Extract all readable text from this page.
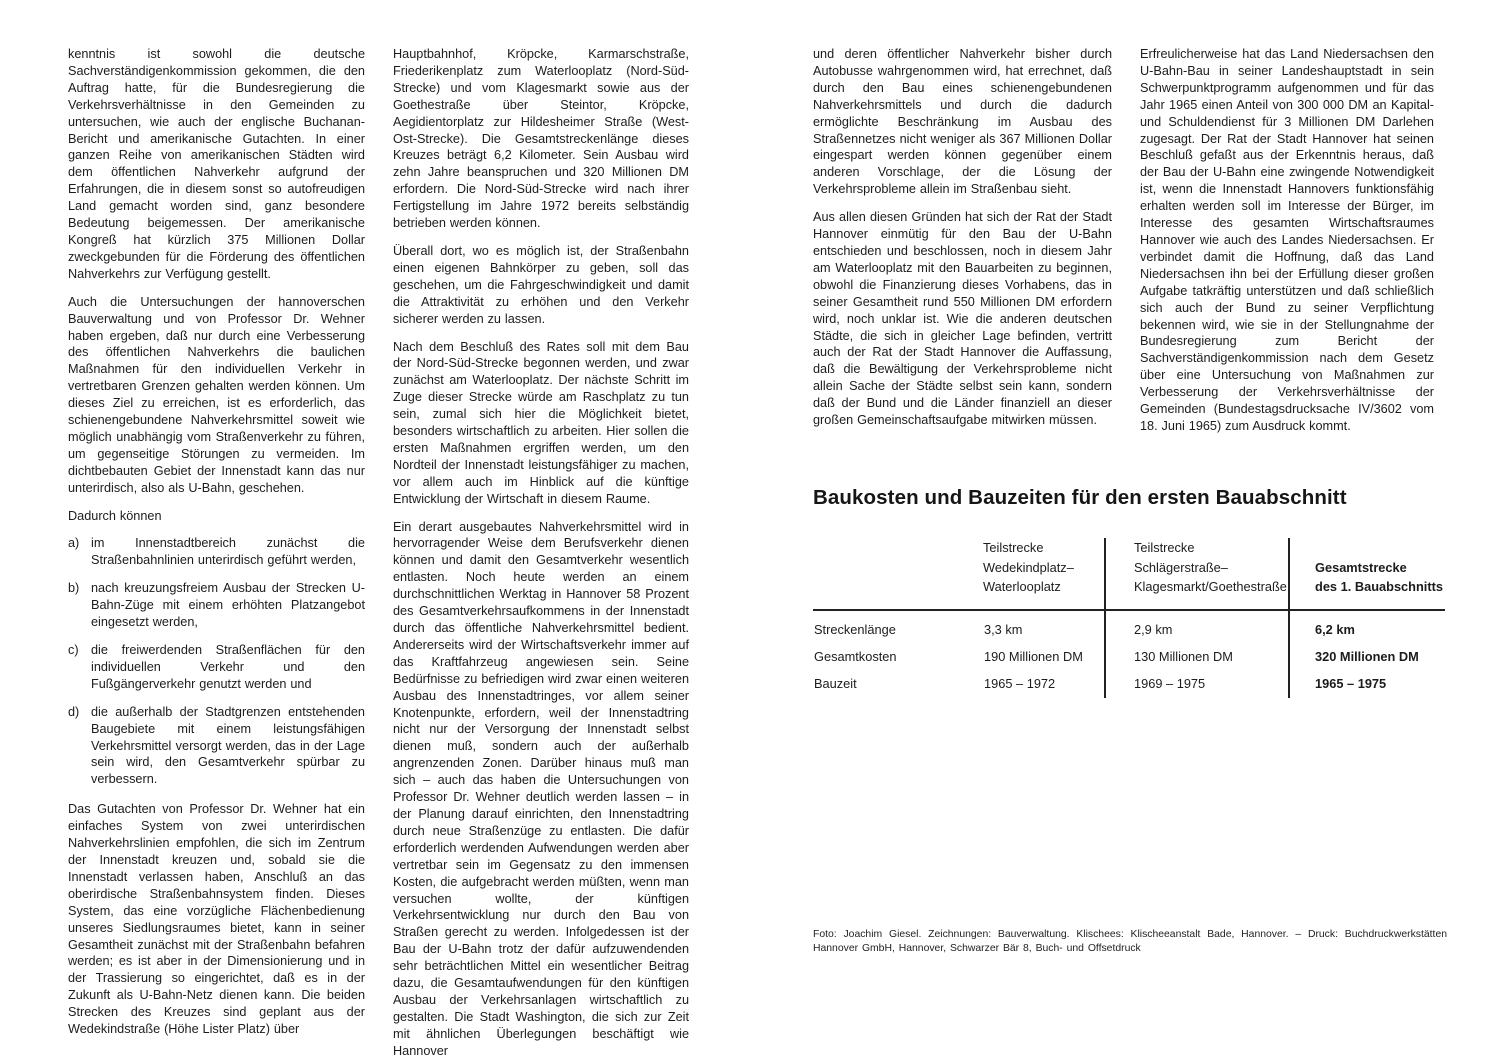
kenntnis ist sowohl die deutsche Sachverständigenkommission gekommen, die den Auftrag hatte, für die Bundesregierung die Verkehrsverhältnisse in den Gemeinden zu untersuchen, wie auch der englische Buchanan-Bericht und amerikanische Gutachten. In einer ganzen Reihe von amerikanischen Städten wird dem öffentlichen Nahverkehr aufgrund der Erfahrungen, die in diesem sonst so autofreudigen Land gemacht worden sind, ganz besondere Bedeutung beigemessen. Der amerikanische Kongreß hat kürzlich 375 Millionen Dollar zweckgebunden für die Förderung des öffentlichen Nahverkehrs zur Verfügung gestellt.

Auch die Untersuchungen der hannoverschen Bauverwaltung und von Professor Dr. Wehner haben ergeben, daß nur durch eine Verbesserung des öffentlichen Nahverkehrs die baulichen Maßnahmen für den individuellen Verkehr in vertretbaren Grenzen gehalten werden können. Um dieses Ziel zu erreichen, ist es erforderlich, das schienengebundene Nahverkehrsmittel soweit wie möglich unabhängig vom Straßenverkehr zu führen, um gegenseitige Störungen zu vermeiden. Im dichtbebauten Gebiet der Innenstadt kann das nur unterirdisch, also als U-Bahn, geschehen.

Dadurch können

a) im Innenstadtbereich zunächst die Straßenbahnlinien unterirdisch geführt werden,
b) nach kreuzungsfreiem Ausbau der Strecken U-Bahn-Züge mit einem erhöhten Platzangebot eingesetzt werden,
c) die freiwerdenden Straßenflächen für den individuellen Verkehr und den Fußgängerverkehr genutzt werden und
d) die außerhalb der Stadtgrenzen entstehenden Baugebiete mit einem leistungsfähigen Verkehrsmittel versorgt werden, das in der Lage sein wird, den Gesamtverkehr spürbar zu verbessern.

Das Gutachten von Professor Dr. Wehner hat ein einfaches System von zwei unterirdischen Nahverkehrslinien empfohlen, die sich im Zentrum der Innenstadt kreuzen und, sobald sie die Innenstadt verlassen haben, Anschluß an das oberirdische Straßenbahnsystem finden. Dieses System, das eine vorzügliche Flächenbedienung unseres Siedlungsraumes bietet, kann in seiner Gesamtheit zunächst mit der Straßenbahn befahren werden; es ist aber in der Dimensionierung und in der Trassierung so eingerichtet, daß es in der Zukunft als U-Bahn-Netz dienen kann. Die beiden Strecken des Kreuzes sind geplant aus der Wedekindstraße (Höhe Lister Platz) über

Hauptbahnhof, Kröpcke, Karmarschstraße, Friederikenplatz zum Waterlooplatz (Nord-Süd-Strecke) und vom Klagesmarkt sowie aus der Goethestraße über Steintor, Kröpcke, Aegidientorplatz zur Hildesheimer Straße (West-Ost-Strecke). Die Gesamtstreckenlänge dieses Kreuzes beträgt 6,2 Kilometer. Sein Ausbau wird zehn Jahre beanspruchen und 320 Millionen DM erfordern. Die Nord-Süd-Strecke wird nach ihrer Fertigstellung im Jahre 1972 bereits selbständig betrieben werden können.

Überall dort, wo es möglich ist, der Straßenbahn einen eigenen Bahnkörper zu geben, soll das geschehen, um die Fahrgeschwindigkeit und damit die Attraktivität zu erhöhen und den Verkehr sicherer werden zu lassen.

Nach dem Beschluß des Rates soll mit dem Bau der Nord-Süd-Strecke begonnen werden, und zwar zunächst am Waterlooplatz. Der nächste Schritt im Zuge dieser Strecke würde am Raschplatz zu tun sein, zumal sich hier die Möglichkeit bietet, besonders wirtschaftlich zu arbeiten. Hier sollen die ersten Maßnahmen ergriffen werden, um den Nordteil der Innenstadt leistungsfähiger zu machen, vor allem auch im Hinblick auf die künftige Entwicklung der Wirtschaft in diesem Raume.

Ein derart ausgebautes Nahverkehrsmittel wird in hervorragender Weise dem Berufsverkehr dienen können und damit den Gesamtverkehr wesentlich entlasten. Noch heute werden an einem durchschnittlichen Werktag in Hannover 58 Prozent des Gesamtverkehrsaufkommens in der Innenstadt durch das öffentliche Nahverkehrsmittel bedient. Andererseits wird der Wirtschaftsverkehr immer auf das Kraftfahrzeug angewiesen sein. Seine Bedürfnisse zu befriedigen wird zwar einen weiteren Ausbau des Innenstadtringes, vor allem seiner Knotenpunkte, erfordern, weil der Innenstadtring nicht nur der Versorgung der Innenstadt selbst dienen muß, sondern auch der außerhalb angrenzenden Zonen. Darüber hinaus muß man sich – auch das haben die Untersuchungen von Professor Dr. Wehner deutlich werden lassen – in der Planung darauf einrichten, den Innenstadtring durch neue Straßenzüge zu entlasten. Die dafür erforderlich werdenden Aufwendungen werden aber vertretbar sein im Gegensatz zu den immensen Kosten, die aufgebracht werden müßten, wenn man versuchen wollte, der künftigen Verkehrsentwicklung nur durch den Bau von Straßen gerecht zu werden. Infolgedessen ist der Bau der U-Bahn trotz der dafür aufzuwendenden sehr beträchtlichen Mittel ein wesentlicher Beitrag dazu, die Gesamtaufwendungen für den künftigen Ausbau der Verkehrsanlagen wirtschaftlich zu gestalten. Die Stadt Washington, die sich zur Zeit mit ähnlichen Überlegungen beschäftigt wie Hannover

und deren öffentlicher Nahverkehr bisher durch Autobusse wahrgenommen wird, hat errechnet, daß durch den Bau eines schienengebundenen Nahverkehrsmittels und durch die dadurch ermöglichte Beschränkung im Ausbau des Straßennetzes nicht weniger als 367 Millionen Dollar eingespart werden können gegenüber einem anderen Vorschlage, der die Lösung der Verkehrsprobleme allein im Straßenbau sieht.

Aus allen diesen Gründen hat sich der Rat der Stadt Hannover einmütig für den Bau der U-Bahn entschieden und beschlossen, noch in diesem Jahr am Waterlooplatz mit den Bauarbeiten zu beginnen, obwohl die Finanzierung dieses Vorhabens, das in seiner Gesamtheit rund 550 Millionen DM erfordern wird, noch unklar ist. Wie die anderen deutschen Städte, die sich in gleicher Lage befinden, vertritt auch der Rat der Stadt Hannover die Auffassung, daß die Bewältigung der Verkehrsprobleme nicht allein Sache der Städte selbst sein kann, sondern daß der Bund und die Länder finanziell an dieser großen Gemeinschaftsaufgabe mitwirken müssen.

Erfreulicherweise hat das Land Niedersachsen den U-Bahn-Bau in seiner Landeshauptstadt in sein Schwerpunktprogramm aufgenommen und für das Jahr 1965 einen Anteil von 300 000 DM an Kapital- und Schuldendienst für 3 Millionen DM Darlehen zugesagt. Der Rat der Stadt Hannover hat seinen Beschluß gefaßt aus der Erkenntnis heraus, daß der Bau der U-Bahn eine zwingende Notwendigkeit ist, wenn die Innenstadt Hannovers funktionsfähig erhalten werden soll im Interesse der Bürger, im Interesse des gesamten Wirtschaftsraumes Hannover wie auch des Landes Niedersachsen. Er verbindet damit die Hoffnung, daß das Land Niedersachsen ihn bei der Erfüllung dieser großen Aufgabe tatkräftig unterstützen und daß schließlich sich auch der Bund zu seiner Verpflichtung bekennen wird, wie sie in der Stellungnahme der Bundesregierung zum Bericht der Sachverständigenkommission nach dem Gesetz über eine Untersuchung von Maßnahmen zur Verbesserung der Verkehrsverhältnisse der Gemeinden (Bundestagsdrucksache IV/3602 vom 18. Juni 1965) zum Ausdruck kommt.

Baukosten und Bauzeiten für den ersten Bauabschnitt

	Teilstrecke
Wedekindplatz–
Waterlooplatz	Teilstrecke
Schlägerstraße–
Klagesmarkt/Goethestraße	Gesamtstrecke
des 1. Bauabschnitts

Streckenlänge	3,3 km	2,9 km	6,2 km
Gesamtkosten	190 Millionen DM	130 Millionen DM	320 Millionen DM
Bauzeit	1965 – 1972	1969 – 1975	1965 – 1975
Foto: Joachim Giesel. Zeichnungen: Bauverwaltung. Klischees: Klischeeanstalt Bade, Hannover. – Druck: Buchdruckwerkstätten Hannover GmbH, Hannover, Schwarzer Bär 8, Buch- und Offsetdruck
